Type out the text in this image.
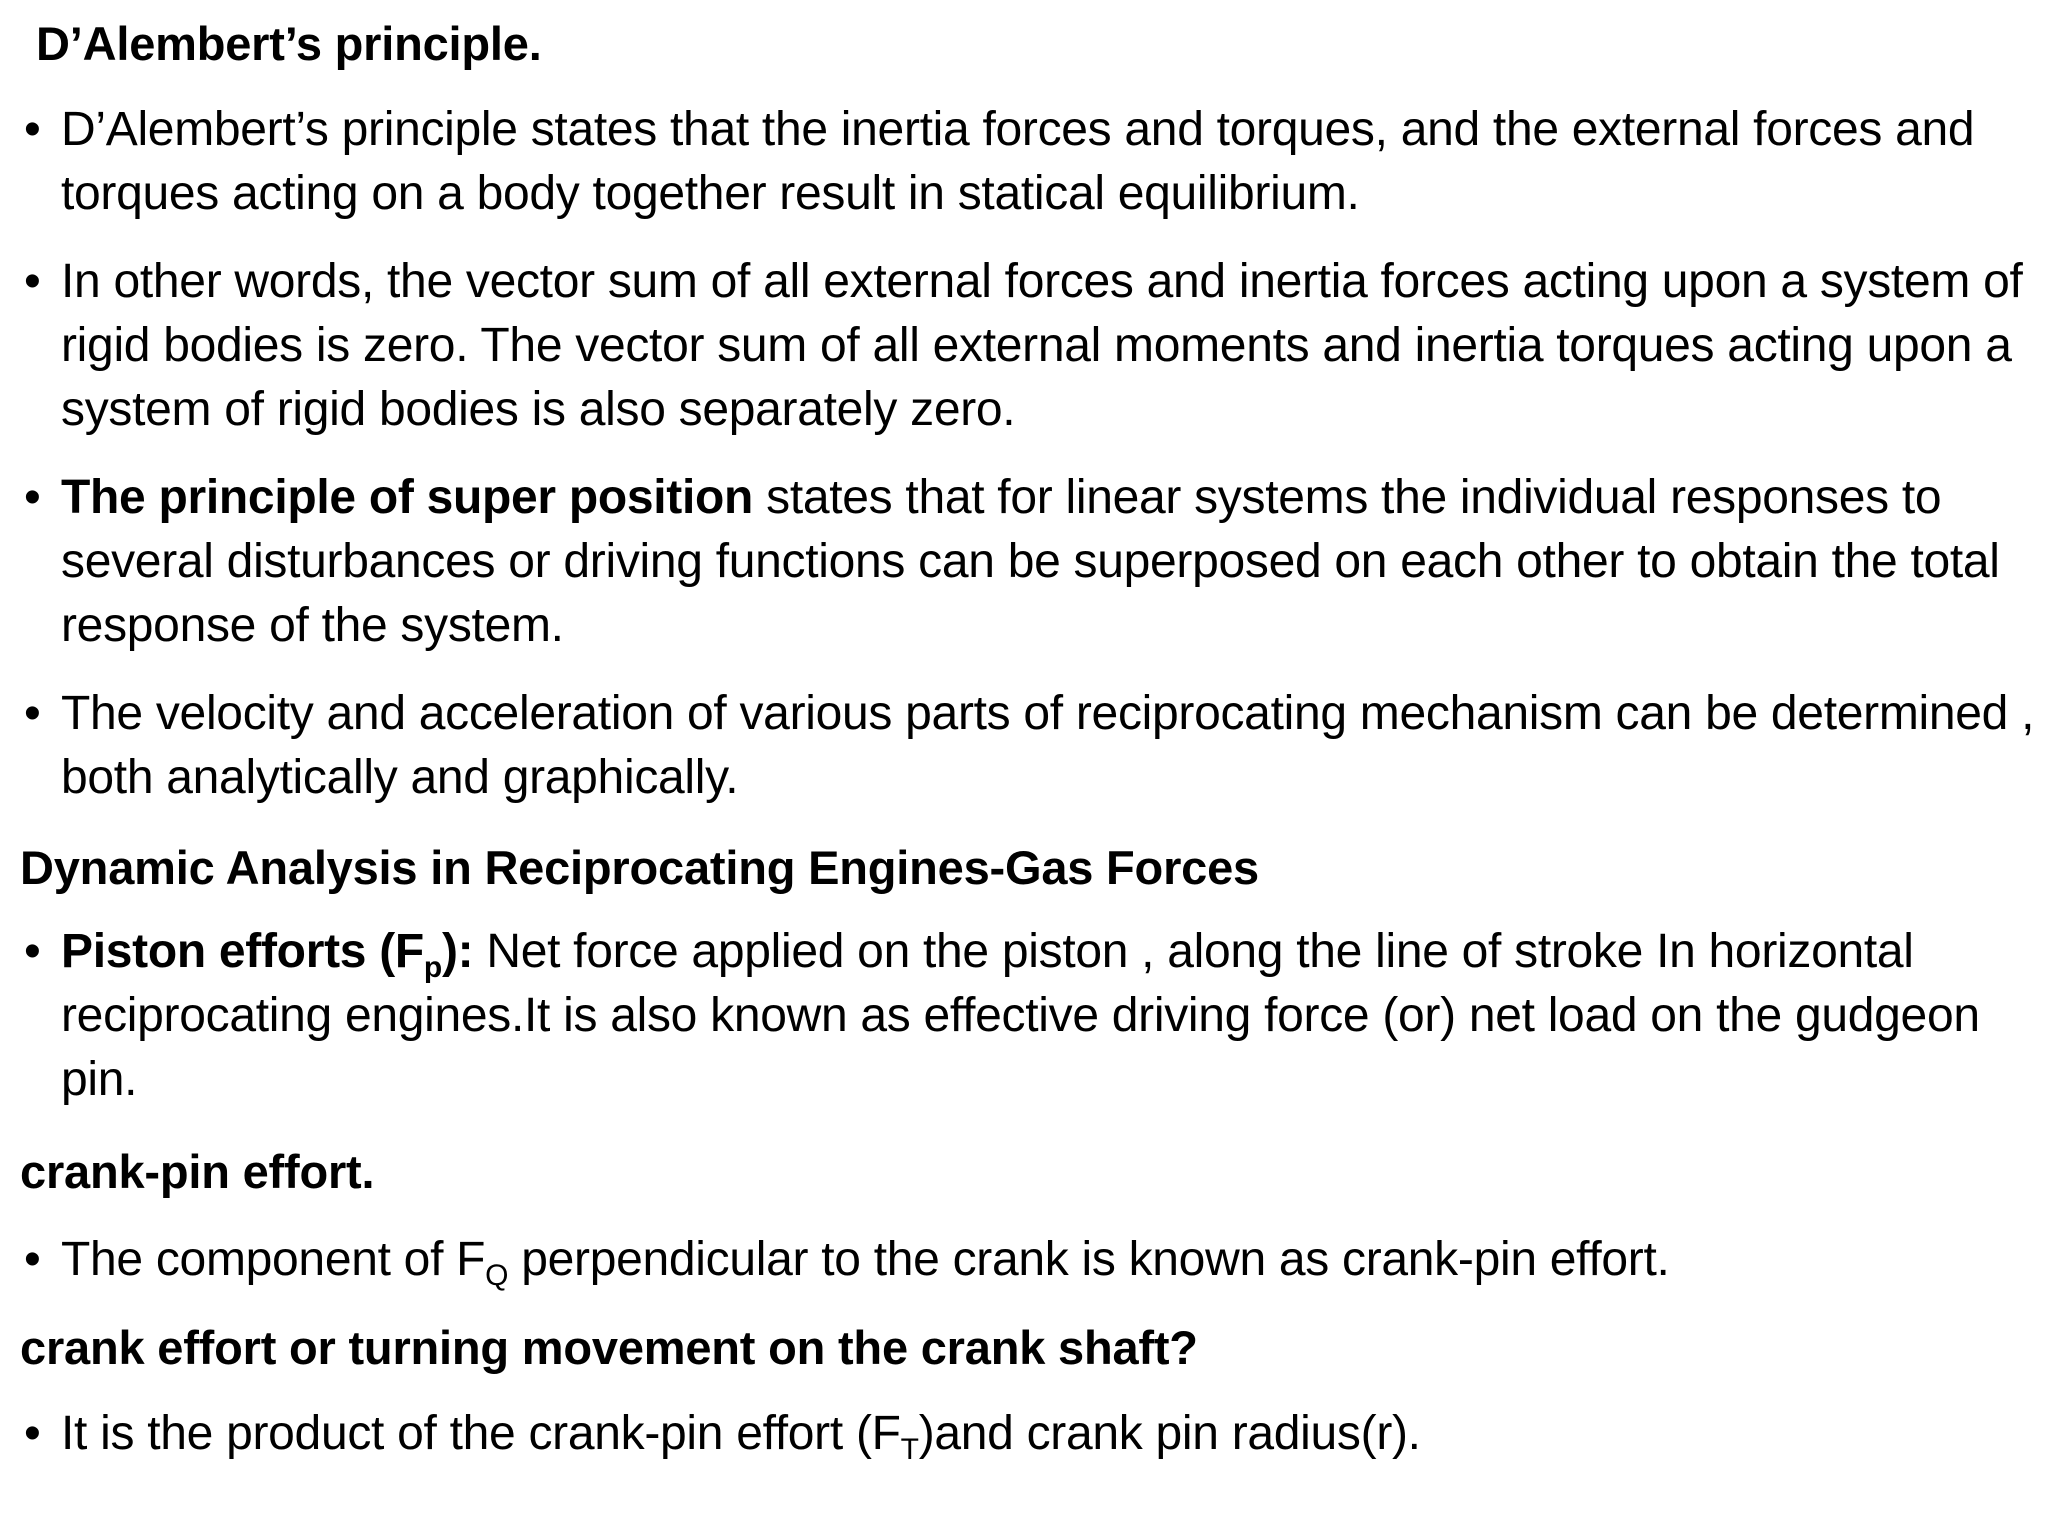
D’Alembert’s principle.
• D’Alembert’s principle states that the inertia forces and torques, and the external forces and torques acting on a body together result in statical equilibrium.
• In other words, the vector sum of all external forces and inertia forces acting upon a system of rigid bodies is zero. The vector sum of all external moments and inertia torques acting upon a system of rigid bodies is also separately zero.
• The principle of super position states that for linear systems the individual responses to several disturbances or driving functions can be superposed on each other to obtain the total response of the system.
• The velocity and acceleration of various parts of reciprocating mechanism can be determined , both analytically and graphically.
Dynamic Analysis in Reciprocating Engines-Gas Forces
• Piston efforts $(F_p)$: Net force applied on the piston , along the line of stroke In horizontal reciprocating engines.It is also known as effective driving force (or) net load on the gudgeon pin.
crank-pin effort.
• The component of $F_Q$ perpendicular to the crank is known as crank-pin effort.
crank effort or turning movement on the crank shaft?
• It is the product of the crank-pin effort $(F_T)and$ crank pin radius(r).
